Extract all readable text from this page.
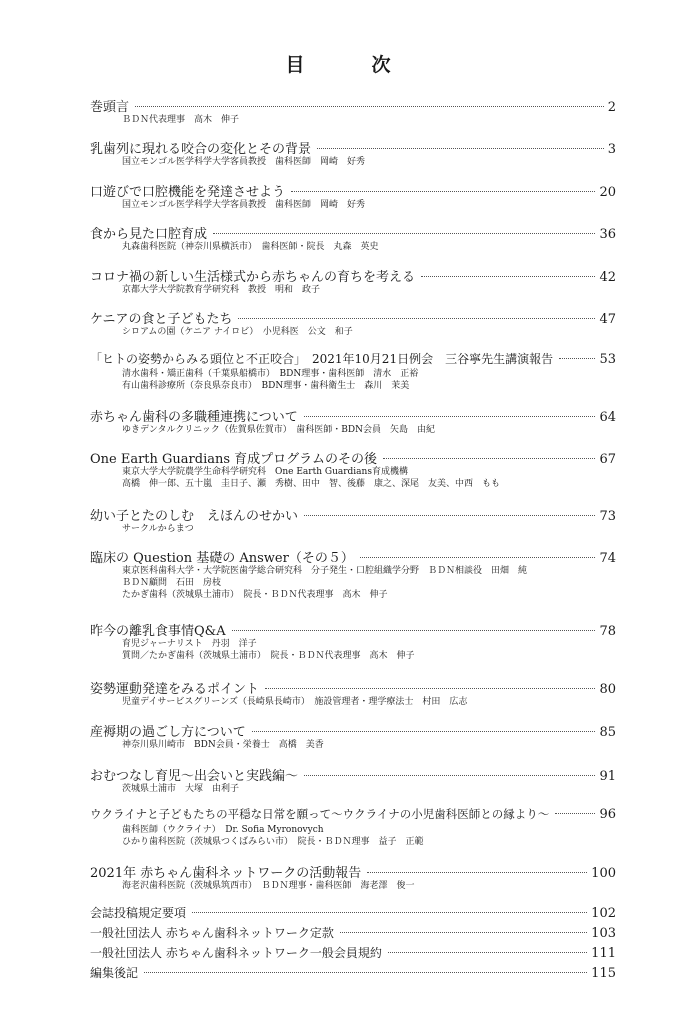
目　次
巻頭言	2
ＢＤＮ代表理事　高木　伸子
乳歯列に現れる咬合の変化とその背景	3
国立モンゴル医学科学大学客員教授　歯科医師　岡崎　好秀
口遊びで口腔機能を発達させよう	20
国立モンゴル医学科学大学客員教授　歯科医師　岡崎　好秀
食から見た口腔育成	36
丸森歯科医院（神奈川県横浜市）　歯科医師・院長　丸森　英史
コロナ禍の新しい生活様式から赤ちゃんの育ちを考える	42
京都大学大学院教育学研究科　教授　明和　政子
ケニアの食と子どもたち	47
シロアムの園（ケニア ナイロビ）　小児科医　公文　和子
「ヒトの姿勢からみる頭位と不正咬合」　2021年10月21日例会　三谷寧先生講演報告	53
清水歯科・矯正歯科（千葉県船橋市）　BDN理事・歯科医師　清水　正裕
有山歯科診療所（奈良県奈良市）　BDN理事・歯科衛生士　森川　茉美
赤ちゃん歯科の多職種連携について	64
ゆきデンタルクリニック（佐賀県佐賀市）　歯科医師・BDN会員　矢島　由紀
One Earth Guardians 育成プログラムのその後	67
東京大学大学院農学生命科学研究科　One Earth Guardians育成機構
高橋　伸一郎、五十嵐　圭日子、瀬　秀樹、田中　智、後藤　康之、深尾　友美、中西　もも
幼い子とたのしむ　えほんのせかい	73
サークルからまつ
臨床の Question 基礎の Answer（その５）	74
東京医科歯科大学・大学院医歯学総合研究科　分子発生・口腔組織学分野　ＢＤＮ相談役　田畑　純
ＢＤＮ顧問　石田　房枝
たかぎ歯科（茨城県土浦市）　院長・ＢＤＮ代表理事　高木　伸子
昨今の離乳食事情Q&A	78
育児ジャーナリスト　丹羽　洋子
質問／たかぎ歯科（茨城県土浦市）　院長・ＢＤＮ代表理事　高木　伸子
姿勢運動発達をみるポイント	80
児童デイサービスグリーンズ（長崎県長崎市）　施設管理者・理学療法士　村田　広志
産褥期の過ごし方について	85
神奈川県川崎市　BDN会員・栄養士　高橋　美香
おむつなし育児～出会いと実践編～	91
茨城県土浦市　大塚　由利子
ウクライナと子どもたちの平穏な日常を願って～ウクライナの小児歯科医師との縁より～	96
歯科医師（ウクライナ）　Dr. Sofia Myronovych
ひかり歯科医院（茨城県つくばみらい市）　院長・ＢＤＮ理事　益子　正範
2021年 赤ちゃん歯科ネットワークの活動報告	100
海老沢歯科医院（茨城県筑西市）　ＢＤＮ理事・歯科医師　海老澤　俊一
会誌投稿規定要項	102
一般社団法人 赤ちゃん歯科ネットワーク定款	103
一般社団法人 赤ちゃん歯科ネットワーク一般会員規約	111
編集後記	115
